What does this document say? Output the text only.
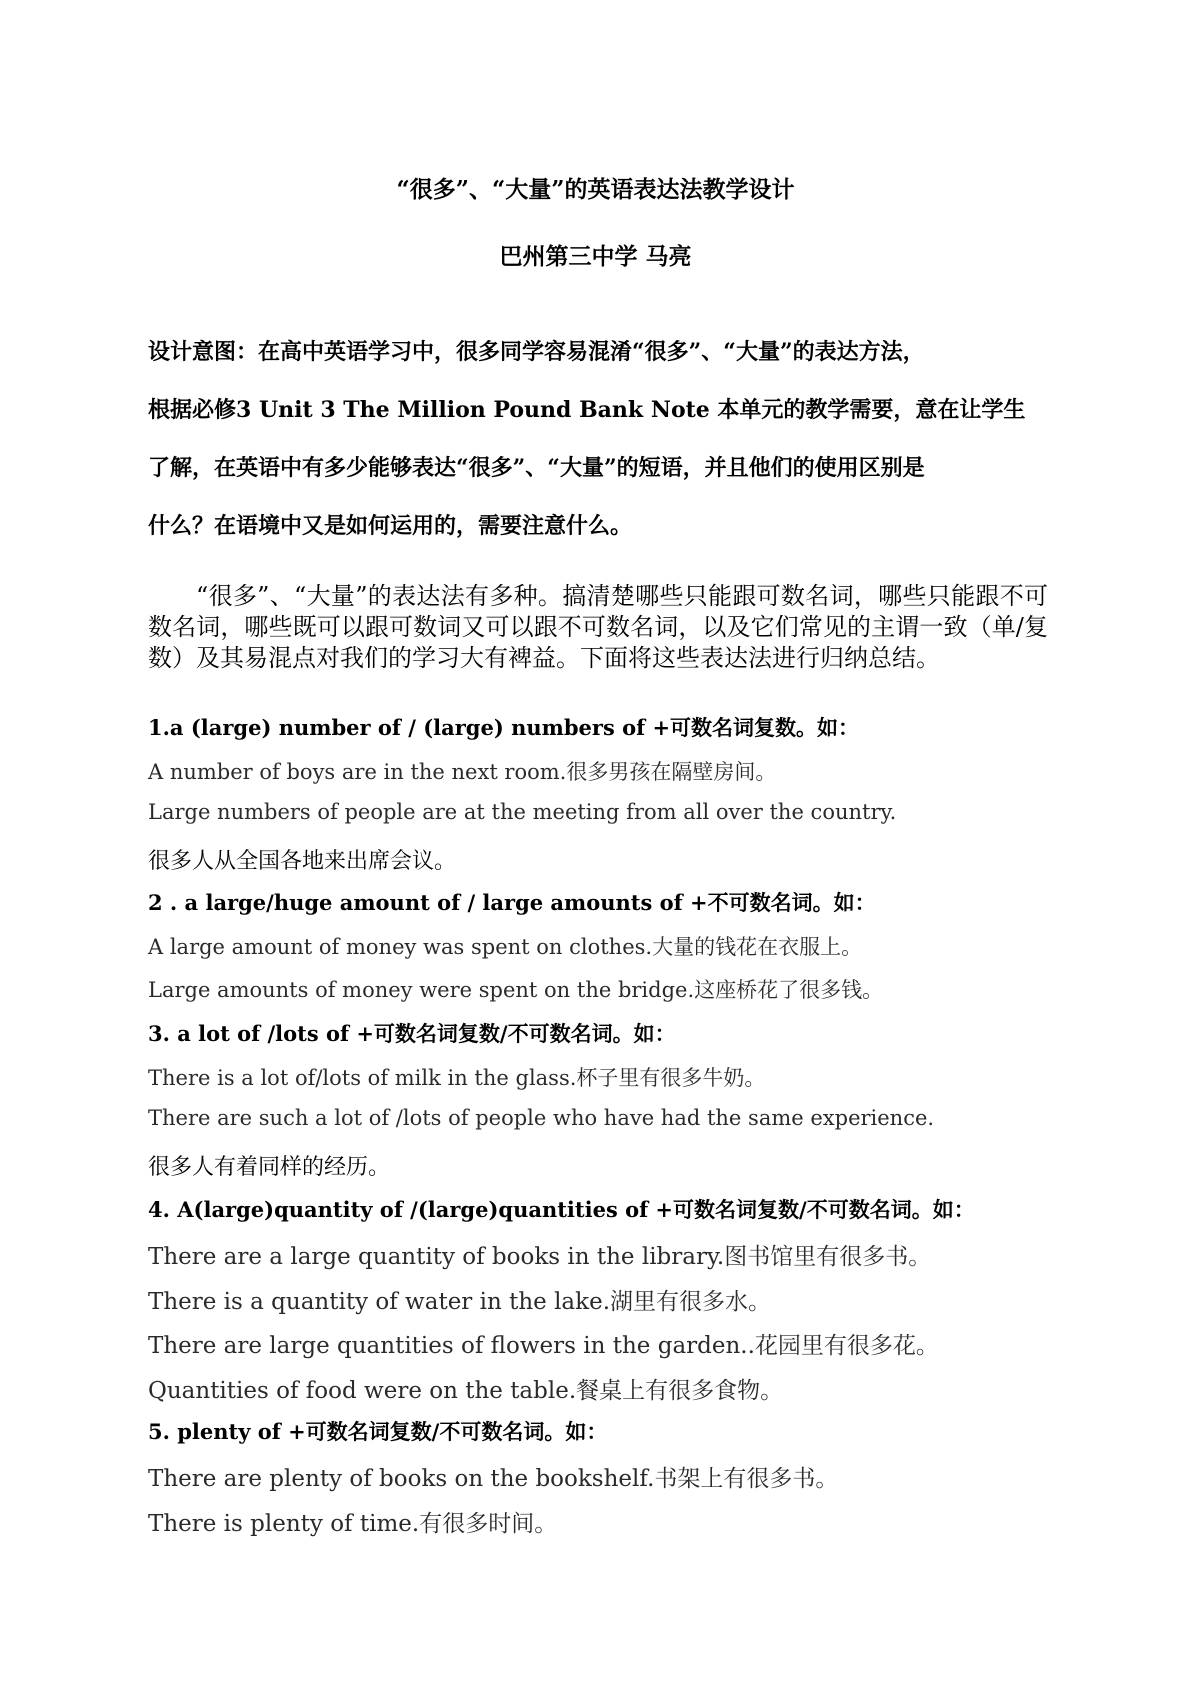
“很多”、“大量”的英语表达法教学设计
巴州第三中学 马亮
设计意图：在高中英语学习中，很多同学容易混淆“很多”、“大量”的表达方法，
根据必修3 Unit 3 The Million Pound Bank Note 本单元的教学需要，意在让学生
了解，在英语中有多少能够表达“很多”、“大量”的短语，并且他们的使用区别是
什么？在语境中又是如何运用的，需要注意什么。
“很多”、“大量”的表达法有多种。搞清楚哪些只能跟可数名词，哪些只能跟不可数名词，哪些既可以跟可数词又可以跟不可数名词，以及它们常见的主谓一致（单/复数）及其易混点对我们的学习大有裨益。下面将这些表达法进行归纳总结。
1.a (large) number of / (large) numbers of +可数名词复数。如：
A number of boys are in the next room.很多男孩在隔壁房间。
Large numbers of people are at the meeting from all over the country.
很多人从全国各地来出席会议。
2 . a large/huge amount of / large amounts of +不可数名词。如：
A large amount of money was spent on clothes.大量的钱花在衣服上。
Large amounts of money were spent on the bridge.这座桥花了很多钱。
3. a lot of /lots of +可数名词复数/不可数名词。如：
There is a lot of/lots of milk in the glass.杯子里有很多牛奶。
There are such a lot of /lots of people who have had the same experience.
很多人有着同样的经历。
4. A(large)quantity of /(large)quantities of +可数名词复数/不可数名词。如：
There are a large quantity of books in the library.图书馆里有很多书。
There is a quantity of water in the lake.湖里有很多水。
There are large quantities of flowers in the garden..花园里有很多花。
Quantities of food were on the table.餐桌上有很多食物。
5. plenty of +可数名词复数/不可数名词。如：
There are plenty of books on the bookshelf.书架上有很多书。
There is plenty of time.有很多时间。
